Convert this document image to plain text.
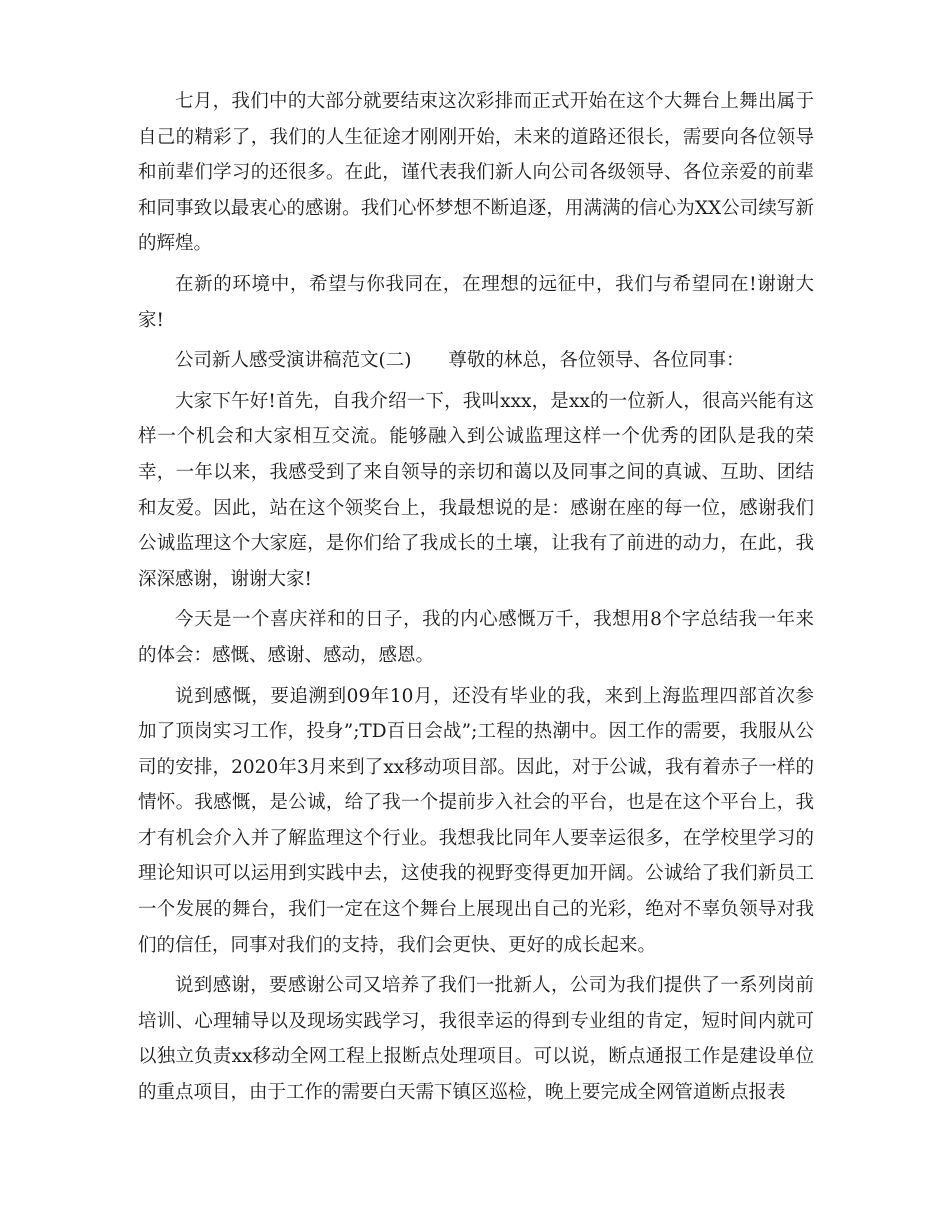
七月，我们中的大部分就要结束这次彩排而正式开始在这个大舞台上舞出属于自己的精彩了，我们的人生征途才刚刚开始，未来的道路还很长，需要向各位领导和前辈们学习的还很多。在此，谨代表我们新人向公司各级领导、各位亲爱的前辈和同事致以最衷心的感谢。我们心怀梦想不断追逐，用满满的信心为XX公司续写新的辉煌。

在新的环境中，希望与你我同在，在理想的远征中，我们与希望同在!谢谢大家!

公司新人感受演讲稿范文(二)　　尊敬的林总，各位领导、各位同事：

大家下午好!首先，自我介绍一下，我叫xxx，是xx的一位新人，很高兴能有这样一个机会和大家相互交流。能够融入到公诚监理这样一个优秀的团队是我的荣幸，一年以来，我感受到了来自领导的亲切和蔼以及同事之间的真诚、互助、团结和友爱。因此，站在这个领奖台上，我最想说的是：感谢在座的每一位，感谢我们公诚监理这个大家庭，是你们给了我成长的土壤，让我有了前进的动力，在此，我深深感谢，谢谢大家!

今天是一个喜庆祥和的日子，我的内心感慨万千，我想用8个字总结我一年来的体会：感慨、感谢、感动，感恩。

说到感慨，要追溯到09年10月，还没有毕业的我，来到上海监理四部首次参加了顶岗实习工作，投身”;TD百日会战”;工程的热潮中。因工作的需要，我服从公司的安排，2020年3月来到了xx移动项目部。因此，对于公诚，我有着赤子一样的情怀。我感慨，是公诚，给了我一个提前步入社会的平台，也是在这个平台上，我才有机会介入并了解监理这个行业。我想我比同年人要幸运很多，在学校里学习的理论知识可以运用到实践中去，这使我的视野变得更加开阔。公诚给了我们新员工一个发展的舞台，我们一定在这个舞台上展现出自己的光彩，绝对不辜负领导对我们的信任，同事对我们的支持，我们会更快、更好的成长起来。

说到感谢，要感谢公司又培养了我们一批新人，公司为我们提供了一系列岗前培训、心理辅导以及现场实践学习，我很幸运的得到专业组的肯定，短时间内就可以独立负责xx移动全网工程上报断点处理项目。可以说，断点通报工作是建设单位的重点项目，由于工作的需要白天需下镇区巡检，晚上要完成全网管道断点报表
